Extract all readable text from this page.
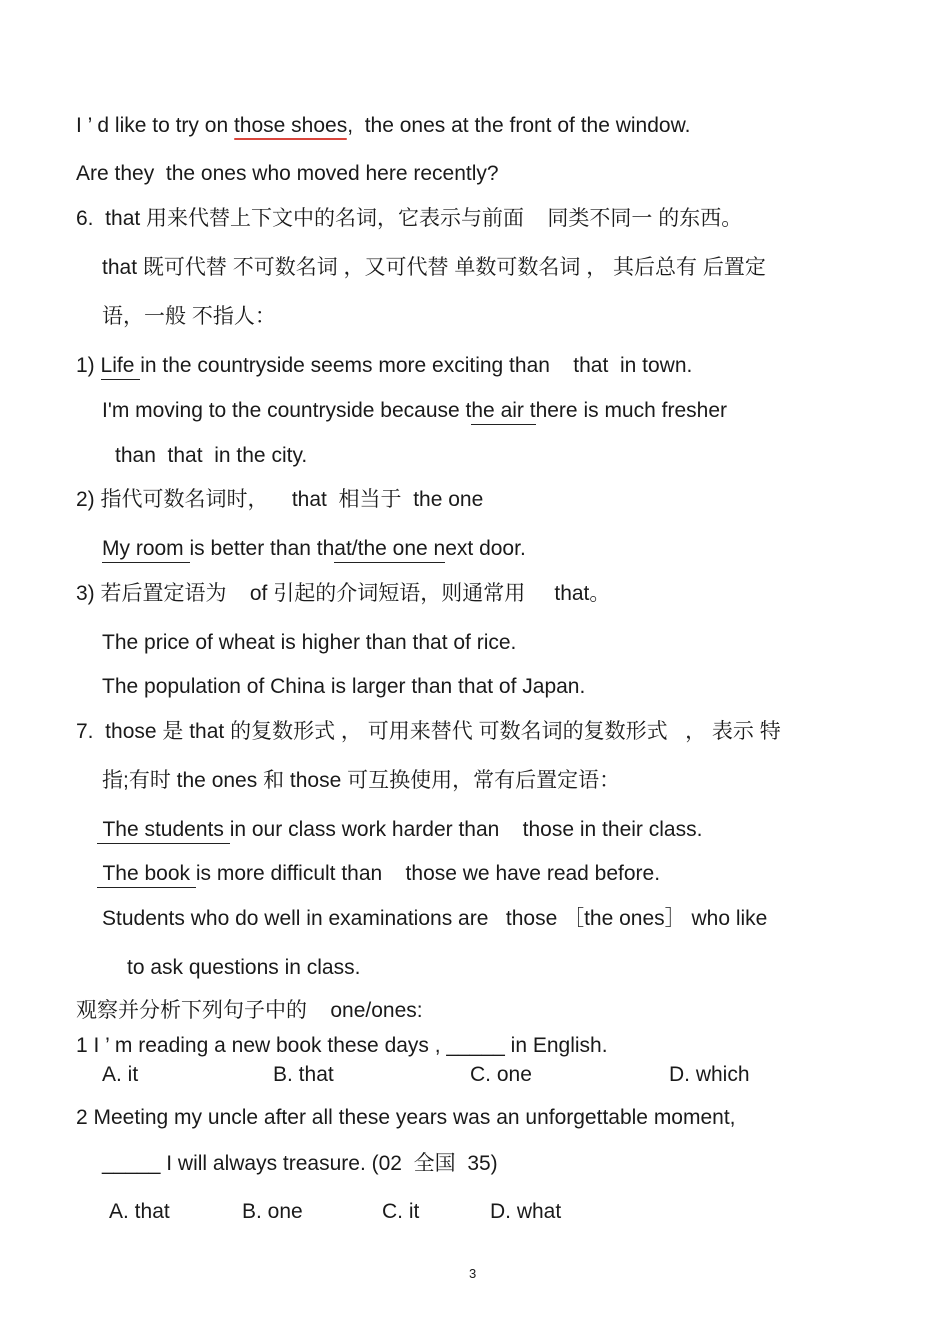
I ’ d like to try on those shoes,  the ones at the front of the window.
Are they  the ones who moved here recently?
6.  that 用来代替上下文中的名词，它表示与前面    同类不同一 的东西。
that 既可代替 不可数名词 ，又可代替 单数可数名词 ， 其后总有 后置定
语，一般 不指人：
1) Life in the countryside seems more exciting than    that  in town.
I'm moving to the countryside because the air there is much fresher
than  that  in the city.
2) 指代可数名词时，    that  相当于  the one
My room is better than that/the one next door.
3) 若后置定语为    of 引起的介词短语，则通常用     that。
The price of wheat is higher than that of rice.
The population of China is larger than that of Japan.
7.  those 是 that 的复数形式 ， 可用来替代 可数名词的复数形式   ， 表示 特
指;有时 the ones 和 those 可互换使用，常有后置定语：
The students in our class work harder than    those in their class.
The book is more difficult than    those we have read before.
Students who do well in examinations are   those ［the ones］ who like
to ask questions in class.
观察并分析下列句子中的    one/ones:
1 I ’ m reading a new book these days , _____ in English.
A. it	B. that	C. one	D. which
2 Meeting my uncle after all these years was an unforgettable moment,
_____ I will always treasure. (02  全国  35)
A. that	B. one	C. it	D. what
3
